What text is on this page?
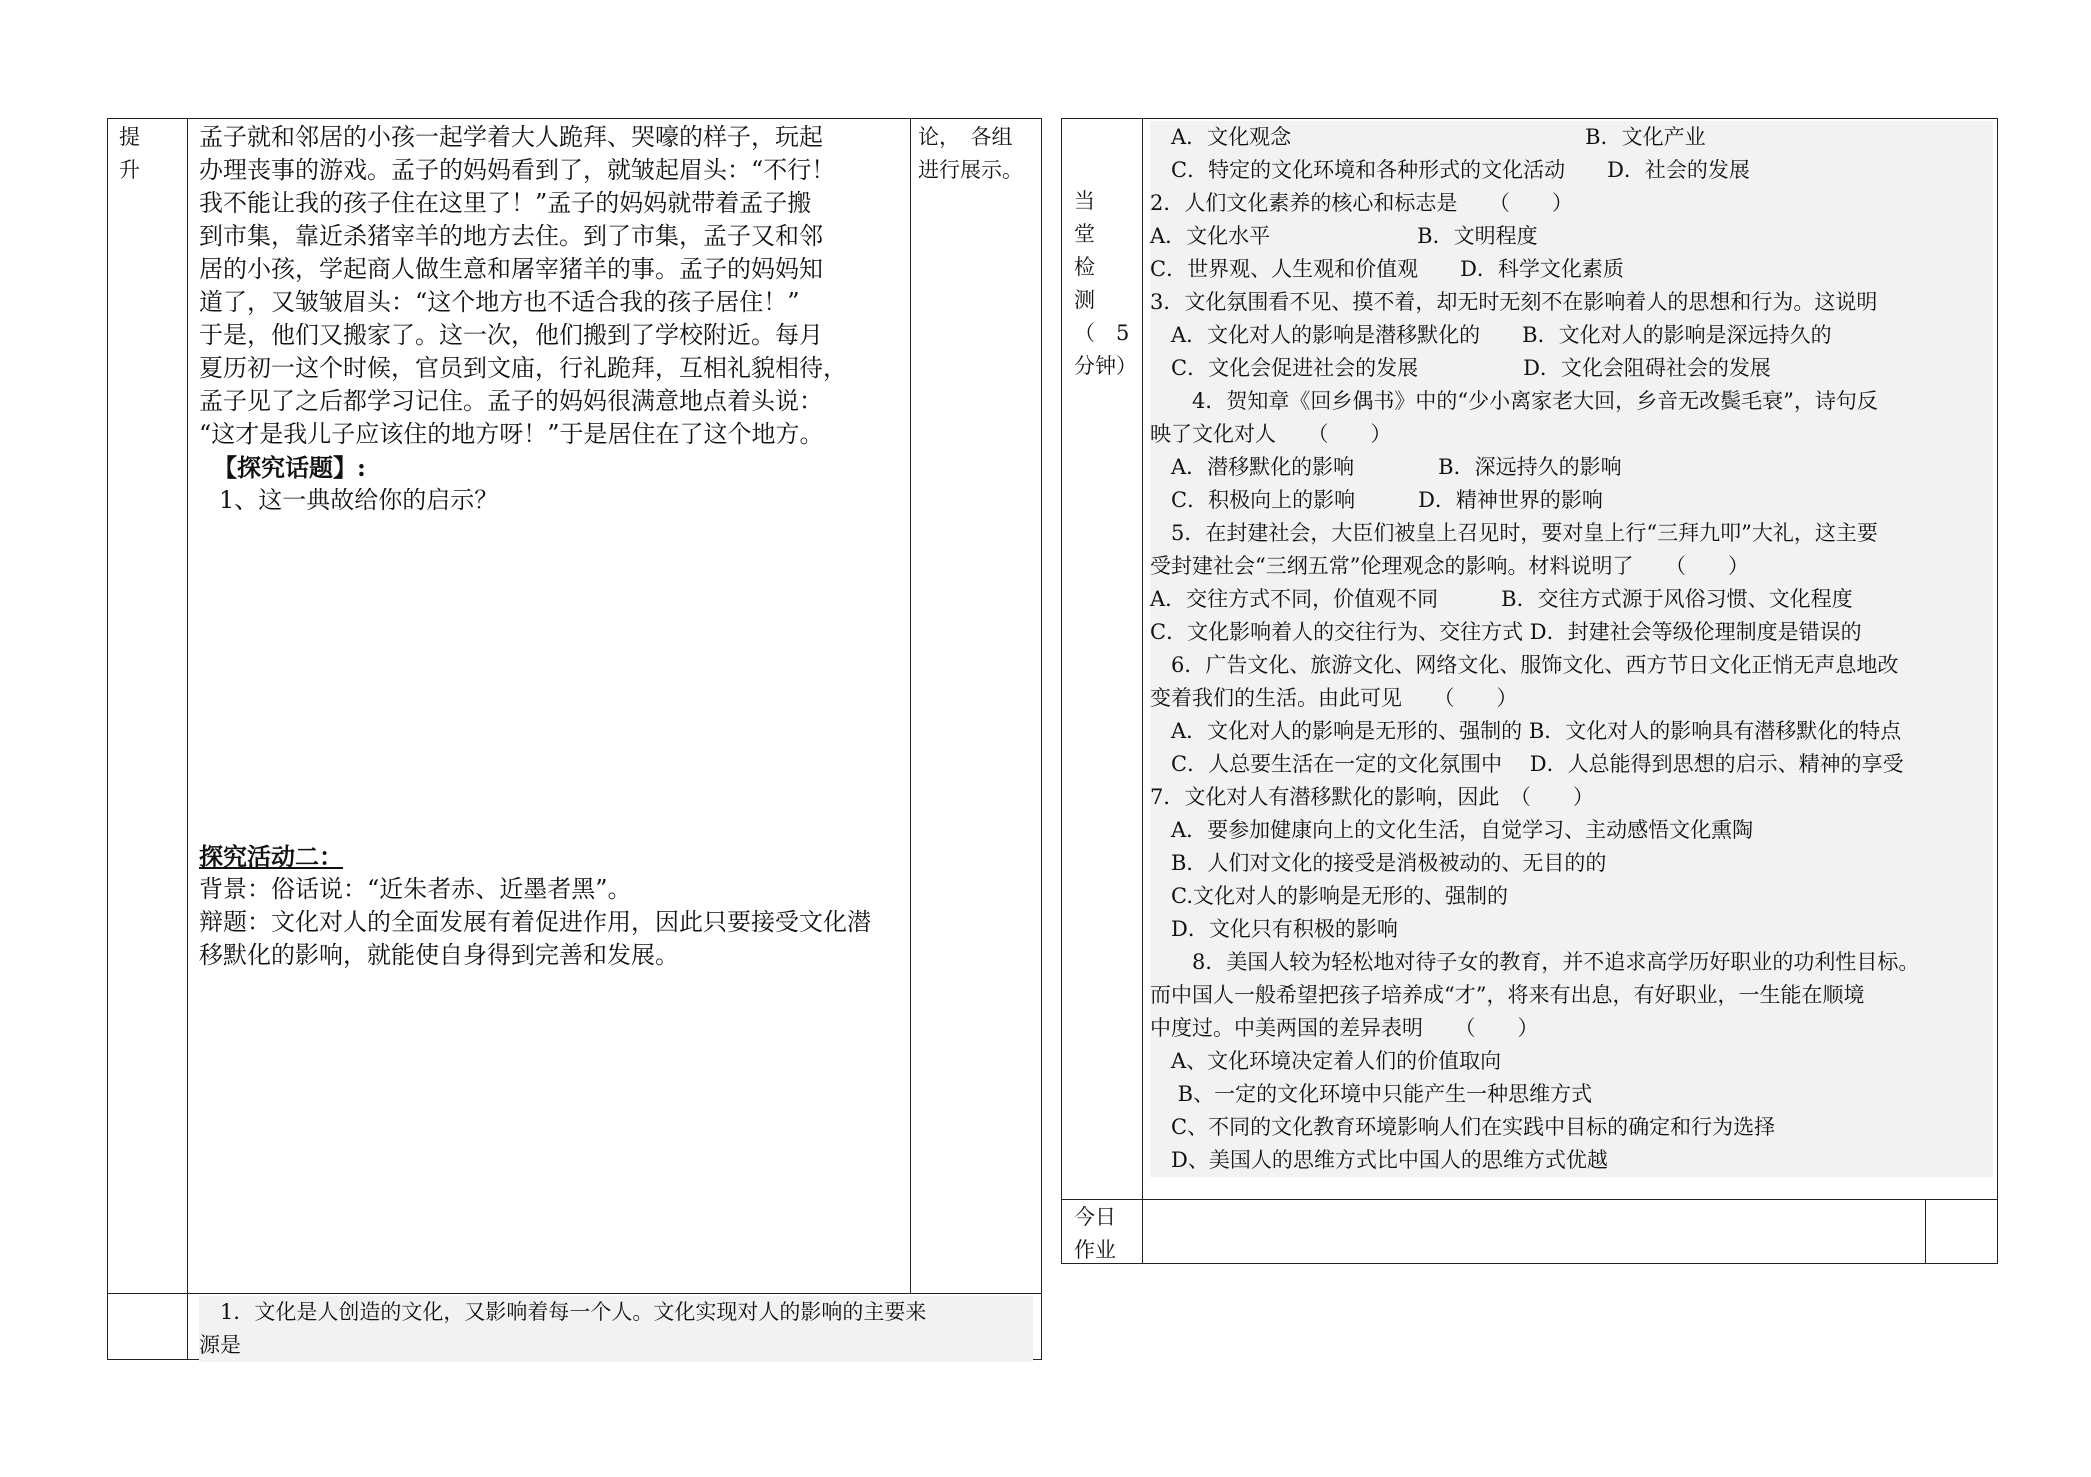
提
升
孟子就和邻居的小孩一起学着大人跪拜、哭嚎的样子，玩起
办理丧事的游戏。孟子的妈妈看到了，就皱起眉头：“不行！
我不能让我的孩子住在这里了！”孟子的妈妈就带着孟子搬
到市集，靠近杀猪宰羊的地方去住。到了市集，孟子又和邻
居的小孩，学起商人做生意和屠宰猪羊的事。孟子的妈妈知
道了，又皱皱眉头：“这个地方也不适合我的孩子居住！”
于是，他们又搬家了。这一次，他们搬到了学校附近。每月
夏历初一这个时候，官员到文庙，行礼跪拜，互相礼貌相待，
孟子见了之后都学习记住。孟子的妈妈很满意地点着头说：
“这才是我儿子应该住的地方呀！”于是居住在了这个地方。
【探究话题】:
1、这一典故给你的启示？
探究活动二：
背景：俗话说：“近朱者赤、近墨者黑”。
辩题：文化对人的全面发展有着促进作用，因此只要接受文化潜
移默化的影响，就能使自身得到完善和发展。
论，　各组
进行展示。
　1．文化是人创造的文化，又影响着每一个人。文化实现对人的影响的主要来
源是
当
堂
检
测
（　5
分钟）
　A．文化观念　　　　　　　　　　　　　　B．文化产业
　C．特定的文化环境和各种形式的文化活动　　D．社会的发展
2．人们文化素养的核心和标志是　　（　　）
A．文化水平　　　　　　　B．文明程度
C．世界观、人生观和价值观　　D．科学文化素质
3．文化氛围看不见、摸不着，却无时无刻不在影响着人的思想和行为。这说明
　A．文化对人的影响是潜移默化的　　B．文化对人的影响是深远持久的
　C．文化会促进社会的发展　　　　　D．文化会阻碍社会的发展
　　4．贺知章《回乡偶书》中的“少小离家老大回，乡音无改鬓毛衰”，诗句反
映了文化对人　　（　　）
　A．潜移默化的影响　　　　B．深远持久的影响
　C．积极向上的影响　　　D．精神世界的影响
　5．在封建社会，大臣们被皇上召见时，要对皇上行“三拜九叩”大礼，这主要
受封建社会“三纲五常”伦理观念的影响。材料说明了　　（　　）
A．交往方式不同，价值观不同　　　B．交往方式源于风俗习惯、文化程度
C．文化影响着人的交往行为、交往方式 D．封建社会等级伦理制度是错误的
　6．广告文化、旅游文化、网络文化、服饰文化、西方节日文化正悄无声息地改
变着我们的生活。由此可见　　（　　）
　A．文化对人的影响是无形的、强制的 B．文化对人的影响具有潜移默化的特点
　C．人总要生活在一定的文化氛围中　 D．人总能得到思想的启示、精神的享受
7．文化对人有潜移默化的影响，因此　（　　）
　A．要参加健康向上的文化生活，自觉学习、主动感悟文化熏陶
　B．人们对文化的接受是消极被动的、无目的的
　C.文化对人的影响是无形的、强制的
　D．文化只有积极的影响
　　8．美国人较为轻松地对待子女的教育，并不追求高学历好职业的功利性目标。
而中国人一般希望把孩子培养成“才”，将来有出息，有好职业，一生能在顺境
中度过。中美两国的差异表明　　（　　）
　A、文化环境决定着人们的价值取向
　 B、一定的文化环境中只能产生一种思维方式
　C、不同的文化教育环境影响人们在实践中目标的确定和行为选择
　D、美国人的思维方式比中国人的思维方式优越
今日
作业
